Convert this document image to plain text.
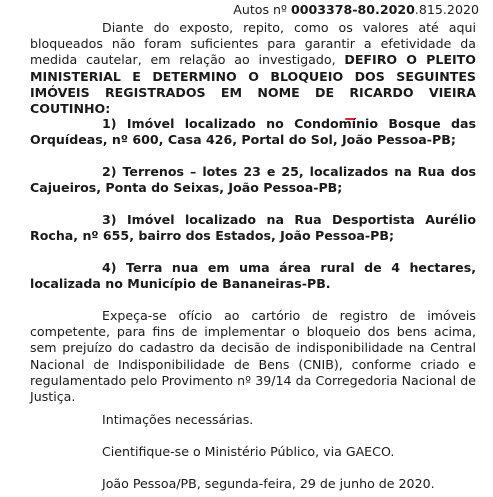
Autos nº 0003378-80.2020.815.2020

Diante do exposto, repito, como os valores até aqui bloqueados não foram suficientes para garantir a efetividade da medida cautelar, em relação ao investigado, DEFIRO O PLEITO MINISTERIAL E DETERMINO O BLOQUEIO DOS SEGUINTES IMÓVEIS REGISTRADOS EM NOME DE RICARDO VIEIRA COUTINHO
:

1) Imóvel localizado no Condomínio Bosque das Orquídeas, nº 600, Casa 426, Portal do Sol, João Pessoa-PB;

2) Terrenos – lotes 23 e 25, localizados na Rua dos Cajueiros, Ponta do Seixas, João Pessoa-PB;

3) Imóvel localizado na Rua Desportista Aurélio Rocha, nº 655, bairro dos Estados, João Pessoa-PB;

4) Terra nua em uma área rural de 4 hectares, localizada no Município de Bananeiras-PB.

Expeça-se ofício ao cartório de registro de imóveis competente, para fins de implementar o bloqueio dos bens acima, sem prejuízo do cadastro da decisão de indisponibilidade na Central Nacional de Indisponibilidade de Bens (CNIB), conforme criado e regulamentado pelo Provimento nº 39/14 da Corregedoria Nacional de Justiça.

Intimações necessárias.

Cientifique-se o Ministério Público, via GAECO.

João Pessoa/PB, segunda-feira, 29 de junho de 2020.
